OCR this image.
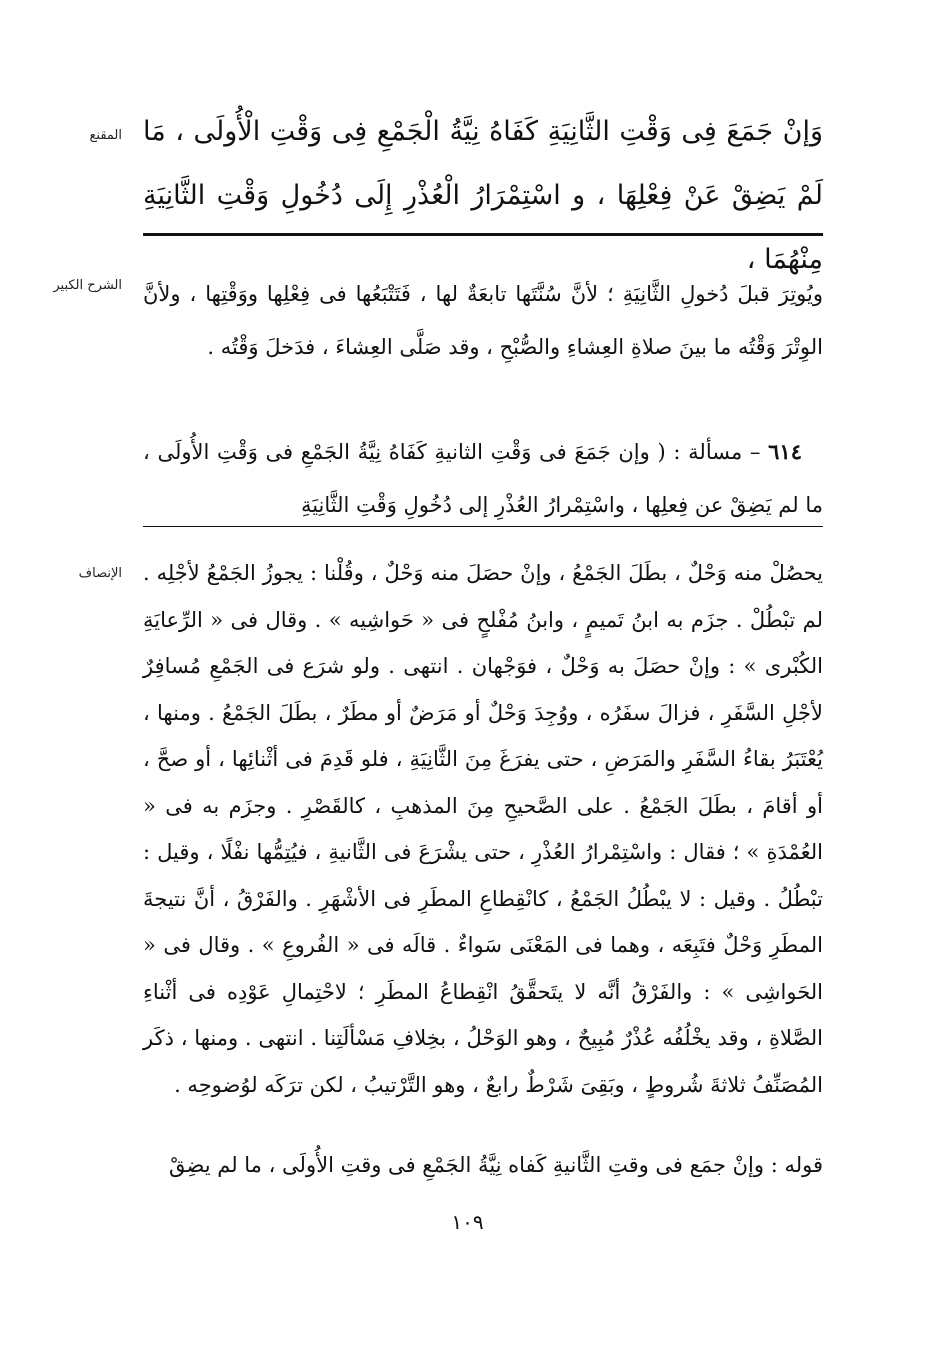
المقنع وَإنْ جَمَعَ فِى وَقْتِ الثَّانِيَةِ كَفَاهُ نِيَّةُ الْجَمْعِ فِى وَقْتِ الْأُولَى ، مَا لَمْ يَضِقْ عَنْ فِعْلِهَا ، و اسْتِمْرَارُ الْعُذْرِ إِلَى دُخُولِ وَقْتِ الثَّانِيَةِ مِنْهُمَا ،

الشرح الكبير ويُوتِرَ قبلَ دُخولِ الثَّانِيَةِ ؛ لأنَّ سُنَّتَها تابعَةٌ لها ، فَتَتْبَعُها فى فِعْلِها ووَقْتِها ، ولأنَّ الوِتْرَ وَقْتُه ما بينَ صلاةِ العِشاءِ والصُّبْحِ ، وقد صَلَّى العِشاءَ ، فدَخلَ وَقْتُه .

 ٦١٤ – مسألة : ( وإن جَمَعَ فى وَقْتِ الثانيةِ كَفَاهُ نِيَّةُ الجَمْعِ فى وَقْتِ الأُولَى ، ما لم يَضِقْ عن فِعلِها ، واسْتِمْرارُ العُذْرِ إلى دُخُولِ وَقْتِ الثَّانِيَةِ

الإنصاف يحصُلْ منه وَحْلٌ ، بطَلَ الجَمْعُ ، وإنْ حصَلَ منه وَحْلٌ ، وقُلْنا : يجوزُ الجَمْعُ لأجْلِه . لم تبْطُلْ . جزَم به ابنُ تَميمٍ ، وابنُ مُفْلحٍ فى « حَواشِيه » . وقال فى « الرِّعايَةِ الكُبْرى » : وإنْ حصَلَ به وَحْلٌ ، فوَجْهان . انتهى . ولو شرَع فى الجَمْعِ مُسافِرٌ لأجْلِ السَّفَرِ ، فزالَ سفَرُه ، ووُجِدَ وَحْلٌ أو مَرَضٌ أو مطَرٌ ، بطَلَ الجَمْعُ . ومنها ، يُعْتَبَرُ بقاءُ السَّفَرِ والمَرَضِ ، حتى يفرَغَ مِنَ الثَّانِيَةِ ، فلو قَدِمَ فى أثْنائِها ، أو صحَّ ، أو أقامَ ، بطَلَ الجَمْعُ . على الصَّحيحِ مِنَ المذهبِ ، كالقَصْرِ . وجزَم به فى « العُمْدَةِ » ؛ فقال : واسْتِمْرارُ العُذْرِ ، حتى يشْرَعَ فى الثَّانيةِ ، فيُتِمُّها نفْلًا ، وقيل : تبْطُلُ . وقيل : لا يبْطُلُ الجَمْعُ ، كانْقِطاعِ المطَرِ فى الأشْهَرِ . والفَرْقُ ، أنَّ نتيجةَ المطَرِ وَحْلٌ فتَبِعَه ، وهما فى المَعْنَى سَواءٌ . قالَه فى « الفُروعِ » . وقال فى « الحَواشِى » : والفَرْقُ أنَّه لا يتَحقَّقُ انْقِطاعُ المطَرِ ؛ لاحْتِمالِ عَوْدِه فى أثْناءِ الصَّلاةِ ، وقد يخْلُفُه عُذْرٌ مُبِيحٌ ، وهو الوَحْلُ ، بخِلافِ مَسْألَتِنا . انتهى . ومنها ، ذكَر المُصَنِّفُ ثلاثةَ شُروطٍ ، وبَقِىَ شَرْطٌ رابعٌ ، وهو التَّرْتيبُ ، لكن ترَكَه لوُضوحِه .

قوله : وإنْ جمَع فى وقتِ الثَّانيةِ كَفاه نِيَّةُ الجَمْعِ فى وقتِ الأُولَى ، ما لم يضِقْ

١٠٩
